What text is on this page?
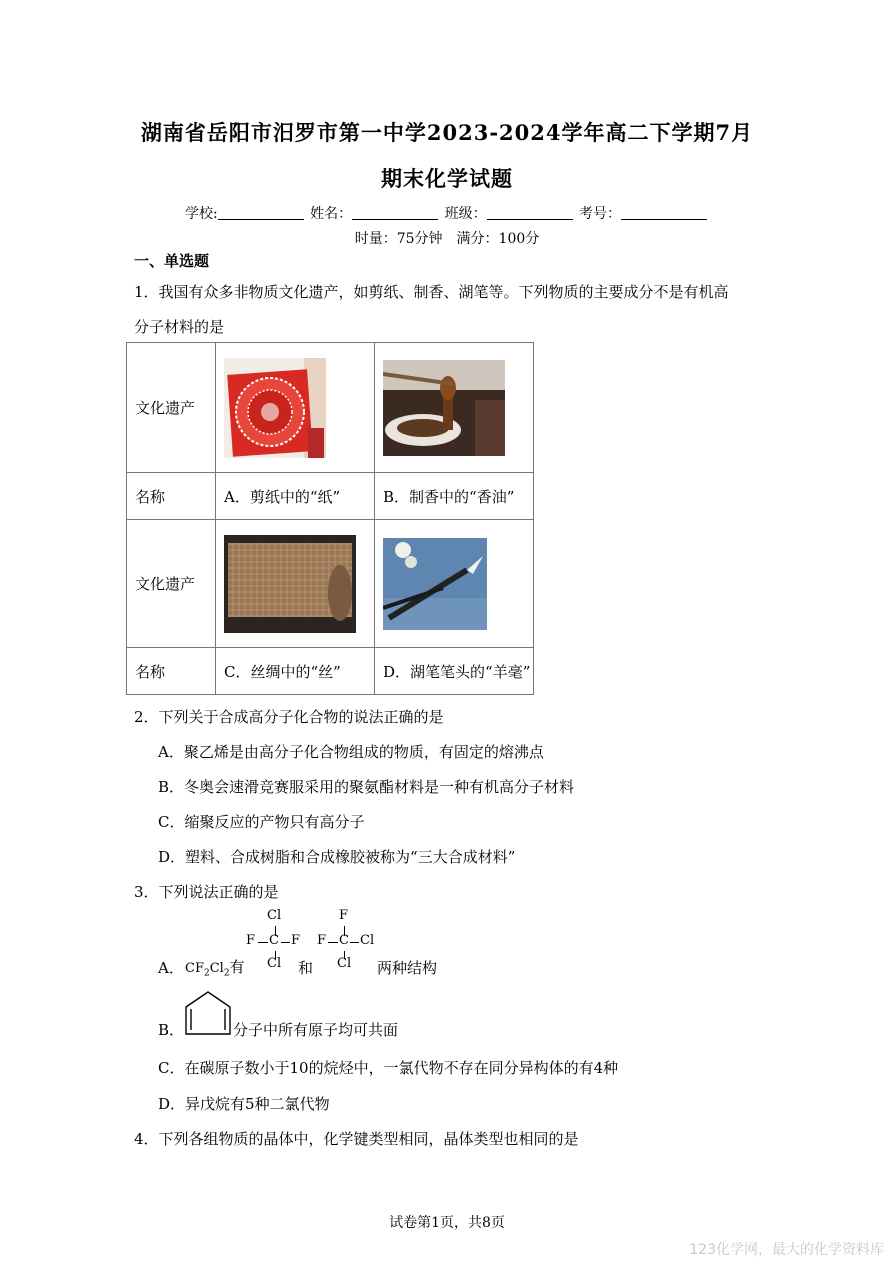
湖南省岳阳市汨罗市第一中学2023-2024学年高二下学期7月
期末化学试题
学校:	姓名：	班级：	考号：
时量：75分钟　满分：100分
一、单选题
1．我国有众多非物质文化遗产，如剪纸、制香、湖笔等。下列物质的主要成分不是有机高
分子材料的是
文化遗产	

名称	A．剪纸中的“纸”	B．制香中的“香油”
文化遗产	

名称	C．丝绸中的“丝”	D．湖笔笔头的“羊毫”
2．下列关于合成高分子化合物的说法正确的是
A．聚乙烯是由高分子化合物组成的物质，有固定的熔沸点
B．冬奥会速滑竞赛服采用的聚氨酯材料是一种有机高分子材料
C．缩聚反应的产物只有高分子
D．塑料、合成树脂和合成橡胶被称为“三大合成材料”
3．下列说法正确的是
A． $CF_2Cl_2$有
Cl
F C F
Cl 和
F
F C Cl
Cl 两种结构
B．	分子中所有原子均可共面
C．在碳原子数小于10的烷烃中，一氯代物不存在同分异构体的有4种
D．异戊烷有5种二氯代物
4．下列各组物质的晶体中，化学键类型相同，晶体类型也相同的是
试卷第1页，共8页
123化学网，最大的化学资料库
